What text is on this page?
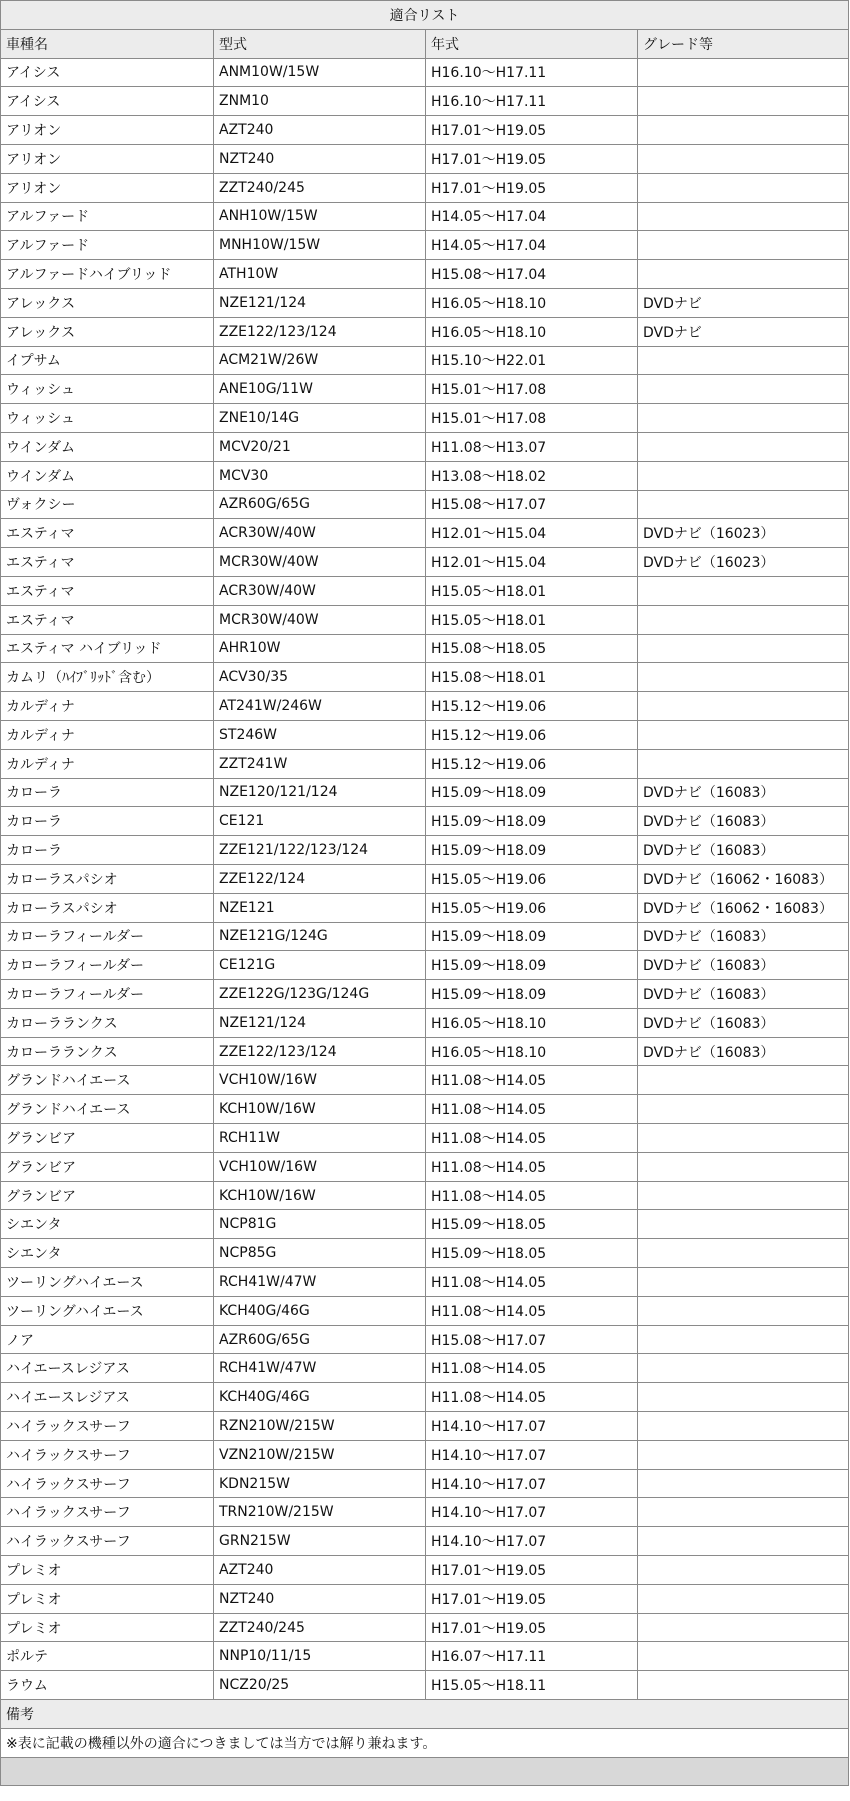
適合リスト			
車種名	型式	年式	グレード等
アイシス	ANM10W/15W	H16.10〜H17.11	
アイシス	ZNM10	H16.10〜H17.11	
アリオン	AZT240	H17.01〜H19.05	
アリオン	NZT240	H17.01〜H19.05	
アリオン	ZZT240/245	H17.01〜H19.05	
アルファード	ANH10W/15W	H14.05〜H17.04	
アルファード	MNH10W/15W	H14.05〜H17.04	
アルファードハイブリッド	ATH10W	H15.08〜H17.04	
アレックス	NZE121/124	H16.05〜H18.10	DVDナビ
アレックス	ZZE122/123/124	H16.05〜H18.10	DVDナビ
イプサム	ACM21W/26W	H15.10〜H22.01	
ウィッシュ	ANE10G/11W	H15.01〜H17.08	
ウィッシュ	ZNE10/14G	H15.01〜H17.08	
ウインダム	MCV20/21	H11.08〜H13.07	
ウインダム	MCV30	H13.08〜H18.02	
ヴォクシー	AZR60G/65G	H15.08〜H17.07	
エスティマ	ACR30W/40W	H12.01〜H15.04	DVDナビ（16023）
エスティマ	MCR30W/40W	H12.01〜H15.04	DVDナビ（16023）
エスティマ	ACR30W/40W	H15.05〜H18.01	
エスティマ	MCR30W/40W	H15.05〜H18.01	
エスティマ ハイブリッド	AHR10W	H15.08〜H18.05	
カムリ（ﾊｲﾌﾞﾘｯﾄﾞ含む）	ACV30/35	H15.08〜H18.01	
カルディナ	AT241W/246W	H15.12〜H19.06	
カルディナ	ST246W	H15.12〜H19.06	
カルディナ	ZZT241W	H15.12〜H19.06	
カローラ	NZE120/121/124	H15.09〜H18.09	DVDナビ（16083）
カローラ	CE121	H15.09〜H18.09	DVDナビ（16083）
カローラ	ZZE121/122/123/124	H15.09〜H18.09	DVDナビ（16083）
カローラスパシオ	ZZE122/124	H15.05〜H19.06	DVDナビ（16062・16083）
カローラスパシオ	NZE121	H15.05〜H19.06	DVDナビ（16062・16083）
カローラフィールダー	NZE121G/124G	H15.09〜H18.09	DVDナビ（16083）
カローラフィールダー	CE121G	H15.09〜H18.09	DVDナビ（16083）
カローラフィールダー	ZZE122G/123G/124G	H15.09〜H18.09	DVDナビ（16083）
カローラランクス	NZE121/124	H16.05〜H18.10	DVDナビ（16083）
カローラランクス	ZZE122/123/124	H16.05〜H18.10	DVDナビ（16083）
グランドハイエース	VCH10W/16W	H11.08〜H14.05	
グランドハイエース	KCH10W/16W	H11.08〜H14.05	
グランビア	RCH11W	H11.08〜H14.05	
グランビア	VCH10W/16W	H11.08〜H14.05	
グランビア	KCH10W/16W	H11.08〜H14.05	
シエンタ	NCP81G	H15.09〜H18.05	
シエンタ	NCP85G	H15.09〜H18.05	
ツーリングハイエース	RCH41W/47W	H11.08〜H14.05	
ツーリングハイエース	KCH40G/46G	H11.08〜H14.05	
ノア	AZR60G/65G	H15.08〜H17.07	
ハイエースレジアス	RCH41W/47W	H11.08〜H14.05	
ハイエースレジアス	KCH40G/46G	H11.08〜H14.05	
ハイラックスサーフ	RZN210W/215W	H14.10〜H17.07	
ハイラックスサーフ	VZN210W/215W	H14.10〜H17.07	
ハイラックスサーフ	KDN215W	H14.10〜H17.07	
ハイラックスサーフ	TRN210W/215W	H14.10〜H17.07	
ハイラックスサーフ	GRN215W	H14.10〜H17.07	
プレミオ	AZT240	H17.01〜H19.05	
プレミオ	NZT240	H17.01〜H19.05	
プレミオ	ZZT240/245	H17.01〜H19.05	
ポルテ	NNP10/11/15	H16.07〜H17.11	
ラウム	NCZ20/25	H15.05〜H18.11	
備考			
※表に記載の機種以外の適合につきましては当方では解り兼ねます。			
